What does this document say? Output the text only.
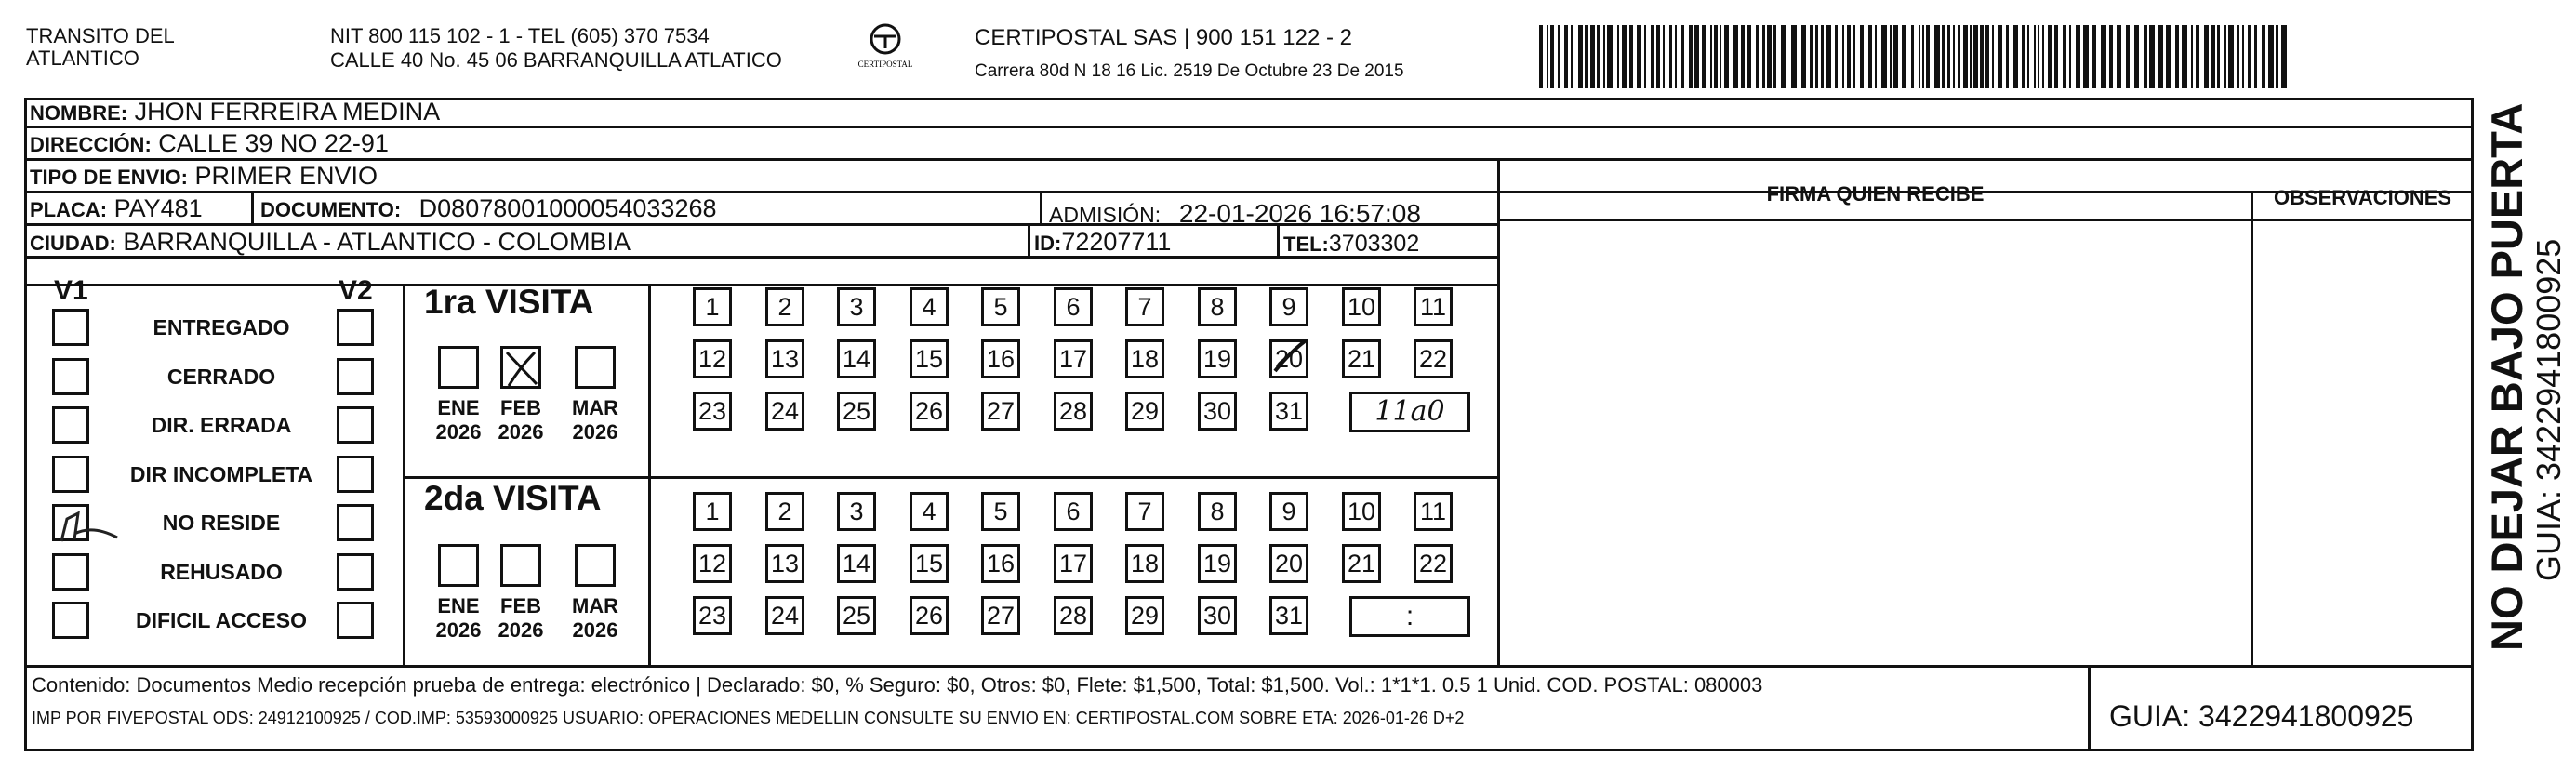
TRANSITO DEL
ATLANTICO
NIT 800 115 102 - 1 - TEL (605) 370 7534
CALLE 40 No. 45 06 BARRANQUILLA ATLATICO	CERTIPOSTAL
CERTIPOSTAL SAS | 900 151 122 - 2
Carrera 80d N 18 16 Lic. 2519 De Octubre 23 De 2015
NOMBRE: JHON FERREIRA MEDINA
DIRECCIÓN: CALLE 39 NO 22-91
TIPO DE ENVIO: PRIMER ENVIO
PLACA: PAY481	DOCUMENTO: D08078001000054033268	ADMISIÓN: 22-01-2026 16:57:08
CIUDAD: BARRANQUILLA - ATLANTICO - COLOMBIA	ID:72207711	TEL:3703302
FIRMA QUIEN RECIBE	OBSERVACIONES
V1	V2
ENTREGADO
CERRADO
DIR. ERRADA
DIR INCOMPLETA
NO RESIDE
REHUSADO
DIFICIL ACCESO
1ra VISITA
ENE
2026
FEB
2026
MAR
2026
1	2	3	4	5	6	7	8	9	10 11
12 13 14 15 16 17 18 19 20 21 22
23 24 25 26 27 28 29 30 31	11a0
2da VISITA
ENE
2026
FEB
2026
MAR
2026
1	2	3	4	5	6	7	8	9	10 11
12 13 14 15 16 17 18 19 20 21 22
23 24 25 26 27 28 29 30 31	:
Contenido: Documentos Medio recepción prueba de entrega: electrónico | Declarado: $0, % Seguro: $0, Otros: $0, Flete: $1,500, Total: $1,500. Vol.: 1*1*1. 0.5 1 Unid. COD. POSTAL: 080003
IMP POR FIVEPOSTAL ODS: 24912100925 / COD.IMP: 53593000925 USUARIO: OPERACIONES MEDELLIN CONSULTE SU ENVIO EN: CERTIPOSTAL.COM SOBRE ETA: 2026-01-26 D+2	GUIA: 3422941800925
NO DEJAR BAJO PUERTA
GUIA: 3422941800925
